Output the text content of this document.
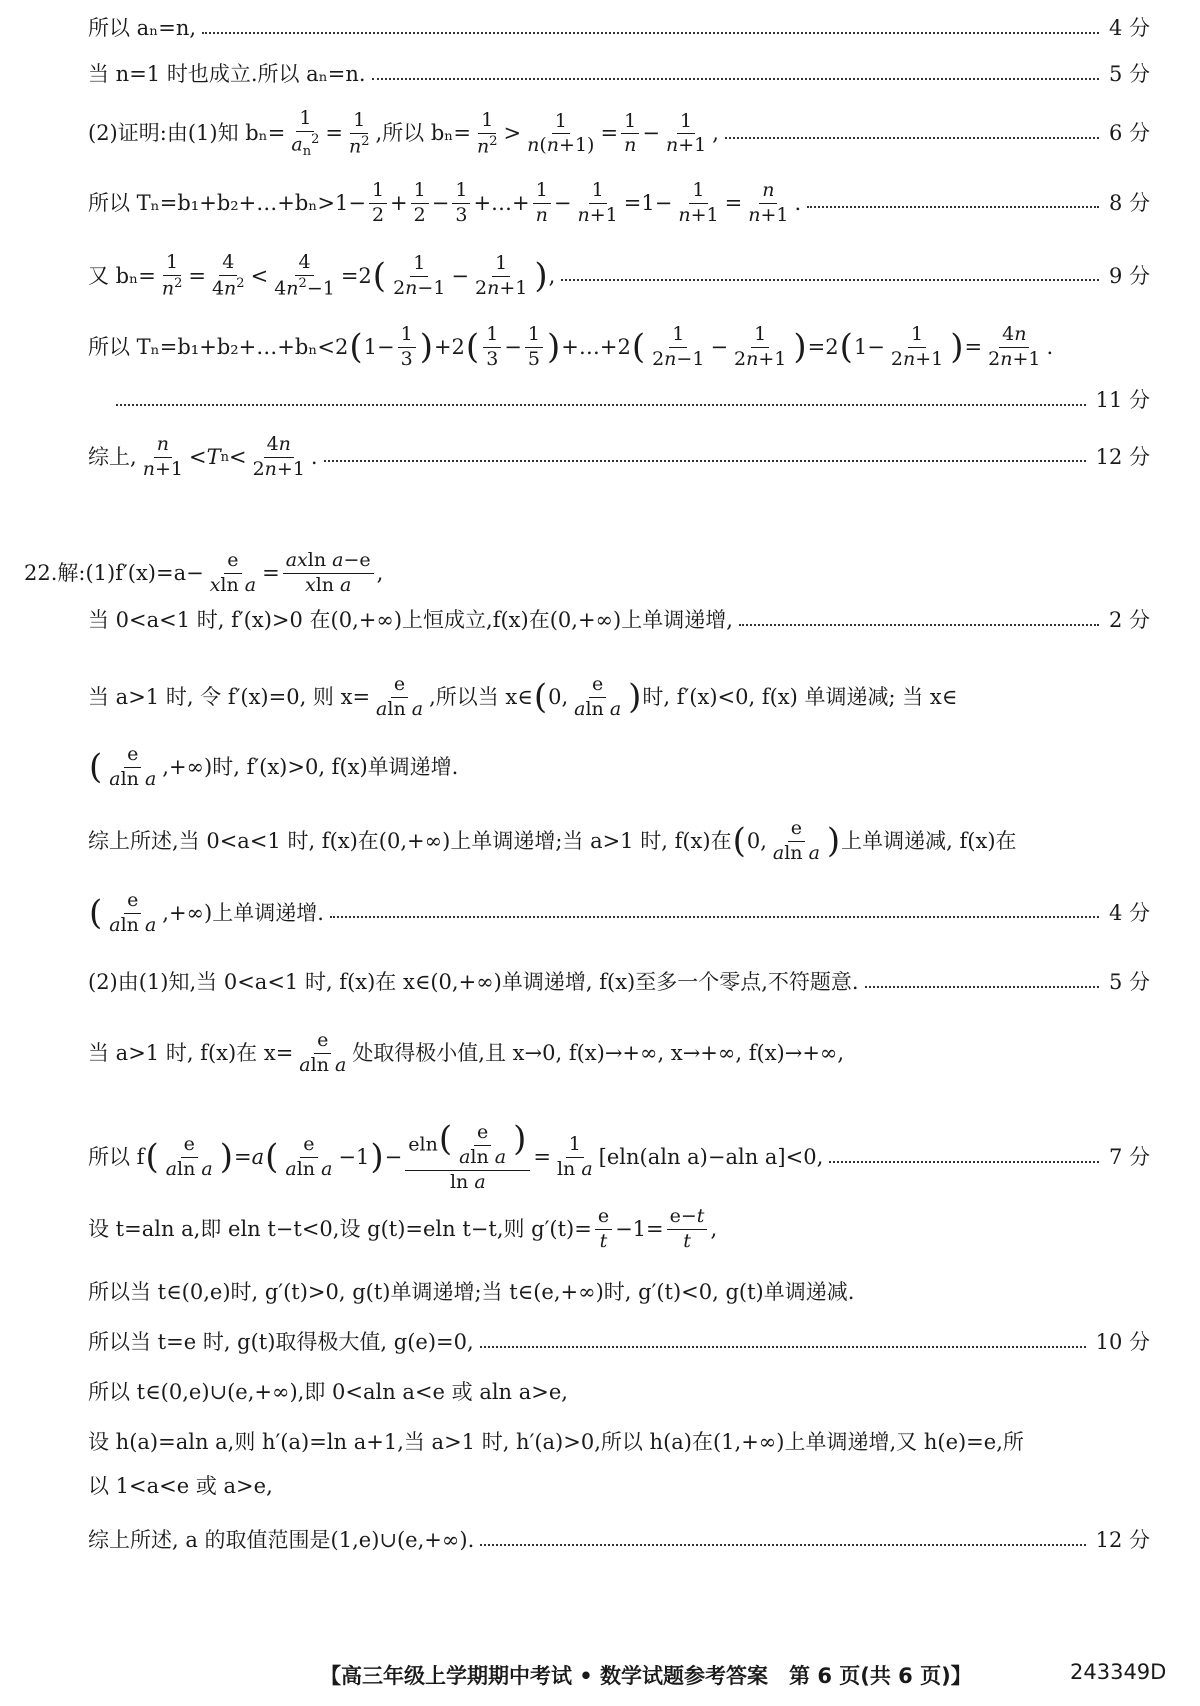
所以 aₙ=n,	4 分
当 n=1 时也成立.所以 aₙ=n.	5 分
(2)证明:由(1)知 $b_n= \frac{1}{a_n^2} = \frac{1}{n^2}$ ,所以 $b_n= \frac{1}{n^2} > \frac{1}{n(n+1)} = \frac{1}{n} - \frac{1}{n+1}$ ,	6 分
所以 Tₙ=b₁+b₂+…+bₙ>1− $\frac{1}{2} + \frac{1}{2} - \frac{1}{3}$ +…+ $\frac{1}{n} - \frac{1}{n+1} =1- \frac{1}{n+1} = \frac{n}{n+1}$ .	8 分
又 $b_n= \frac{1}{n^2} = \frac{4}{4n^2} < \frac{4}{4n^2-1} =2$ ( $\frac{1}{2n-1} - \frac{1}{2n+1}$ ) ,	9 分
所以 Tₙ=b₁+b₂+…+bₙ<2 ( $1- \frac{1}{3}$ ) +2 ( $\frac{1}{3} - \frac{1}{5}$ ) +…+2 ( $\frac{1}{2n-1} - \frac{1}{2n+1}$ ) =2 ( $1- \frac{1}{2n+1}$ ) = $\frac{4n}{2n+1}$ .
11 分
综上, $\frac{n}{n+1} < T$ $n < \frac{4n}{2n+1}$ .	12 分
22.解:(1)f′(x)=a− $\frac{e}{\text{xln a}} = \frac{\text{axln a−e}}{\text{xln a}}$ ,
当 0<a<1 时, f′(x)>0 在(0,+∞)上恒成立,f(x)在(0,+∞)上单调递增,	2 分
当 a>1 时, 令 f′(x)=0, 则 $x= \frac{e}{\text{aln a}}$ ,所以当 x∈ ( 0, $\frac{e}{\text{aln a}}$ ) 时, f′(x)<0, f(x) 单调递减; 当 x∈
( $\frac{e}{\text{aln a}}$ ,+∞)时, f′(x)>0, f(x)单调递增.
综上所述,当 0<a<1 时, f(x)在(0,+∞)上单调递增;当 a>1 时, f(x)在 ( 0, $\frac{e}{\text{aln a}}$ ) 上单调递减, f(x)在
( $\frac{e}{\text{aln a}}$ ,+∞)上单调递增.	4 分
(2)由(1)知,当 0<a<1 时, f(x)在 x∈(0,+∞)单调递增, f(x)至多一个零点,不符题意.	5 分
当 a>1 时, f(x)在 $x= \frac{e}{\text{aln a}}$ 处取得极小值,且 x→0, f(x)→+∞, x→+∞, f(x)→+∞,
所以 f ( $\frac{e}{\text{aln a}}$ ) = a ( $\frac{e}{\text{aln a}} -1$ ) − $\frac{eln( \frac{e}{\text{aln a}} )}{\text{ln a}} = \frac{1}{\text{ln a}} [eln(aln$ a)−aln a]<0,	7 分
设 t=aln a,即 eln t−t<0,设 g(t)=eln t−t,则 $g'(t)= \frac{e}{t} -1= \frac{e-t}{t}$ ,
所以当 t∈(0,e)时, g′(t)>0, g(t)单调递增;当 t∈(e,+∞)时, g′(t)<0, g(t)单调递减.
所以当 t=e 时, g(t)取得极大值, g(e)=0,	10 分
所以 t∈(0,e)∪(e,+∞),即 0<aln a<e 或 aln a>e,
设 h(a)=aln a,则 h′(a)=ln a+1,当 a>1 时, h′(a)>0,所以 h(a)在(1,+∞)上单调递增,又 h(e)=e,所
以 1<a<e 或 a>e,
综上所述, a 的取值范围是(1,e)∪(e,+∞).	12 分
【高三年级上学期期中考试 • 数学试题参考答案　第 6 页(共 6 页)】	243349D
